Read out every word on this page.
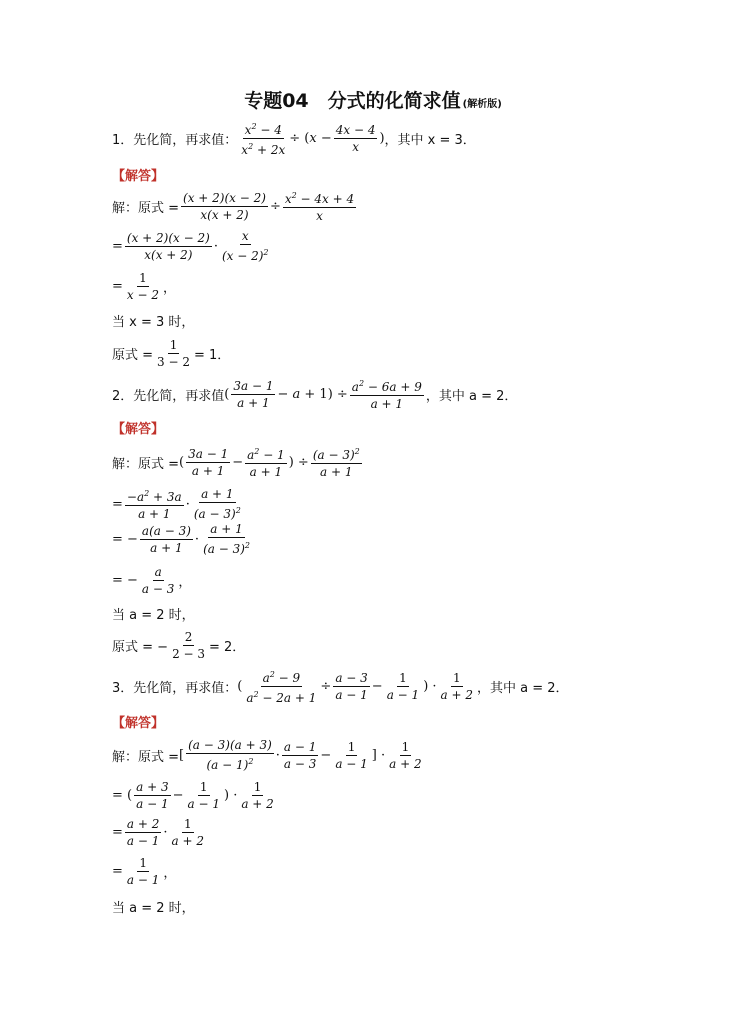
专题04　分式的化简求值 (解析版)
1．先化简，再求值： $\frac{x^2 - 4}{x^2 + 2x} \div (x - \frac{4x - 4}{x}$ ) ，其中 x = 3．
【解答】
解：原式 = $\frac{(x + 2)(x - 2)}{x(x + 2)} \div \frac{x^2 - 4x + 4}{x}$
= $\frac{(x + 2)(x - 2)}{x(x + 2)} \cdot \frac{x}{(x - 2)^2}$
= $\frac{1}{x - 2}$ ，
当 x = 3 时，
原式 = $\frac{1}{3 - 2} = 1$．
2．先化简，再求值 ( $\frac{3a - 1}{a + 1} - a + 1) \div \frac{a^2 - 6a + 9}{a + 1}$ ，其中 a = 2．
【解答】
解：原式 = ( $\frac{3a - 1}{a + 1} - \frac{a^2 - 1}{a + 1}$ ) ÷ $\frac{(a - 3)^2}{a + 1}$
= $\frac{-a^2 + 3a}{a + 1} \cdot \frac{a + 1}{(a - 3)^2}$
= − $\frac{a(a - 3)}{a + 1} \cdot \frac{a + 1}{(a - 3)^2}$
= − $\frac{a}{a - 3}$ ，
当 a = 2 时，
原式 = − $\frac{2}{2 - 3} = 2$．
3．先化简，再求值： ( $\frac{a^2 - 9}{a^2 - 2a + 1} \div \frac{a - 3}{a - 1} - \frac{1}{a - 1}$ ) · $\frac{1}{a + 2}$ ，其中 a = 2．
【解答】
解：原式 = [ $\frac{(a - 3)(a + 3)}{(a - 1)^2} \cdot \frac{a - 1}{a - 3} - \frac{1}{a - 1}$ ] · $\frac{1}{a + 2}$
= ( $\frac{a + 3}{a - 1} - \frac{1}{a - 1}$ ) · $\frac{1}{a + 2}$
= $\frac{a + 2}{a - 1} \cdot \frac{1}{a + 2}$
= $\frac{1}{a - 1}$ ，
当 a = 2 时，
